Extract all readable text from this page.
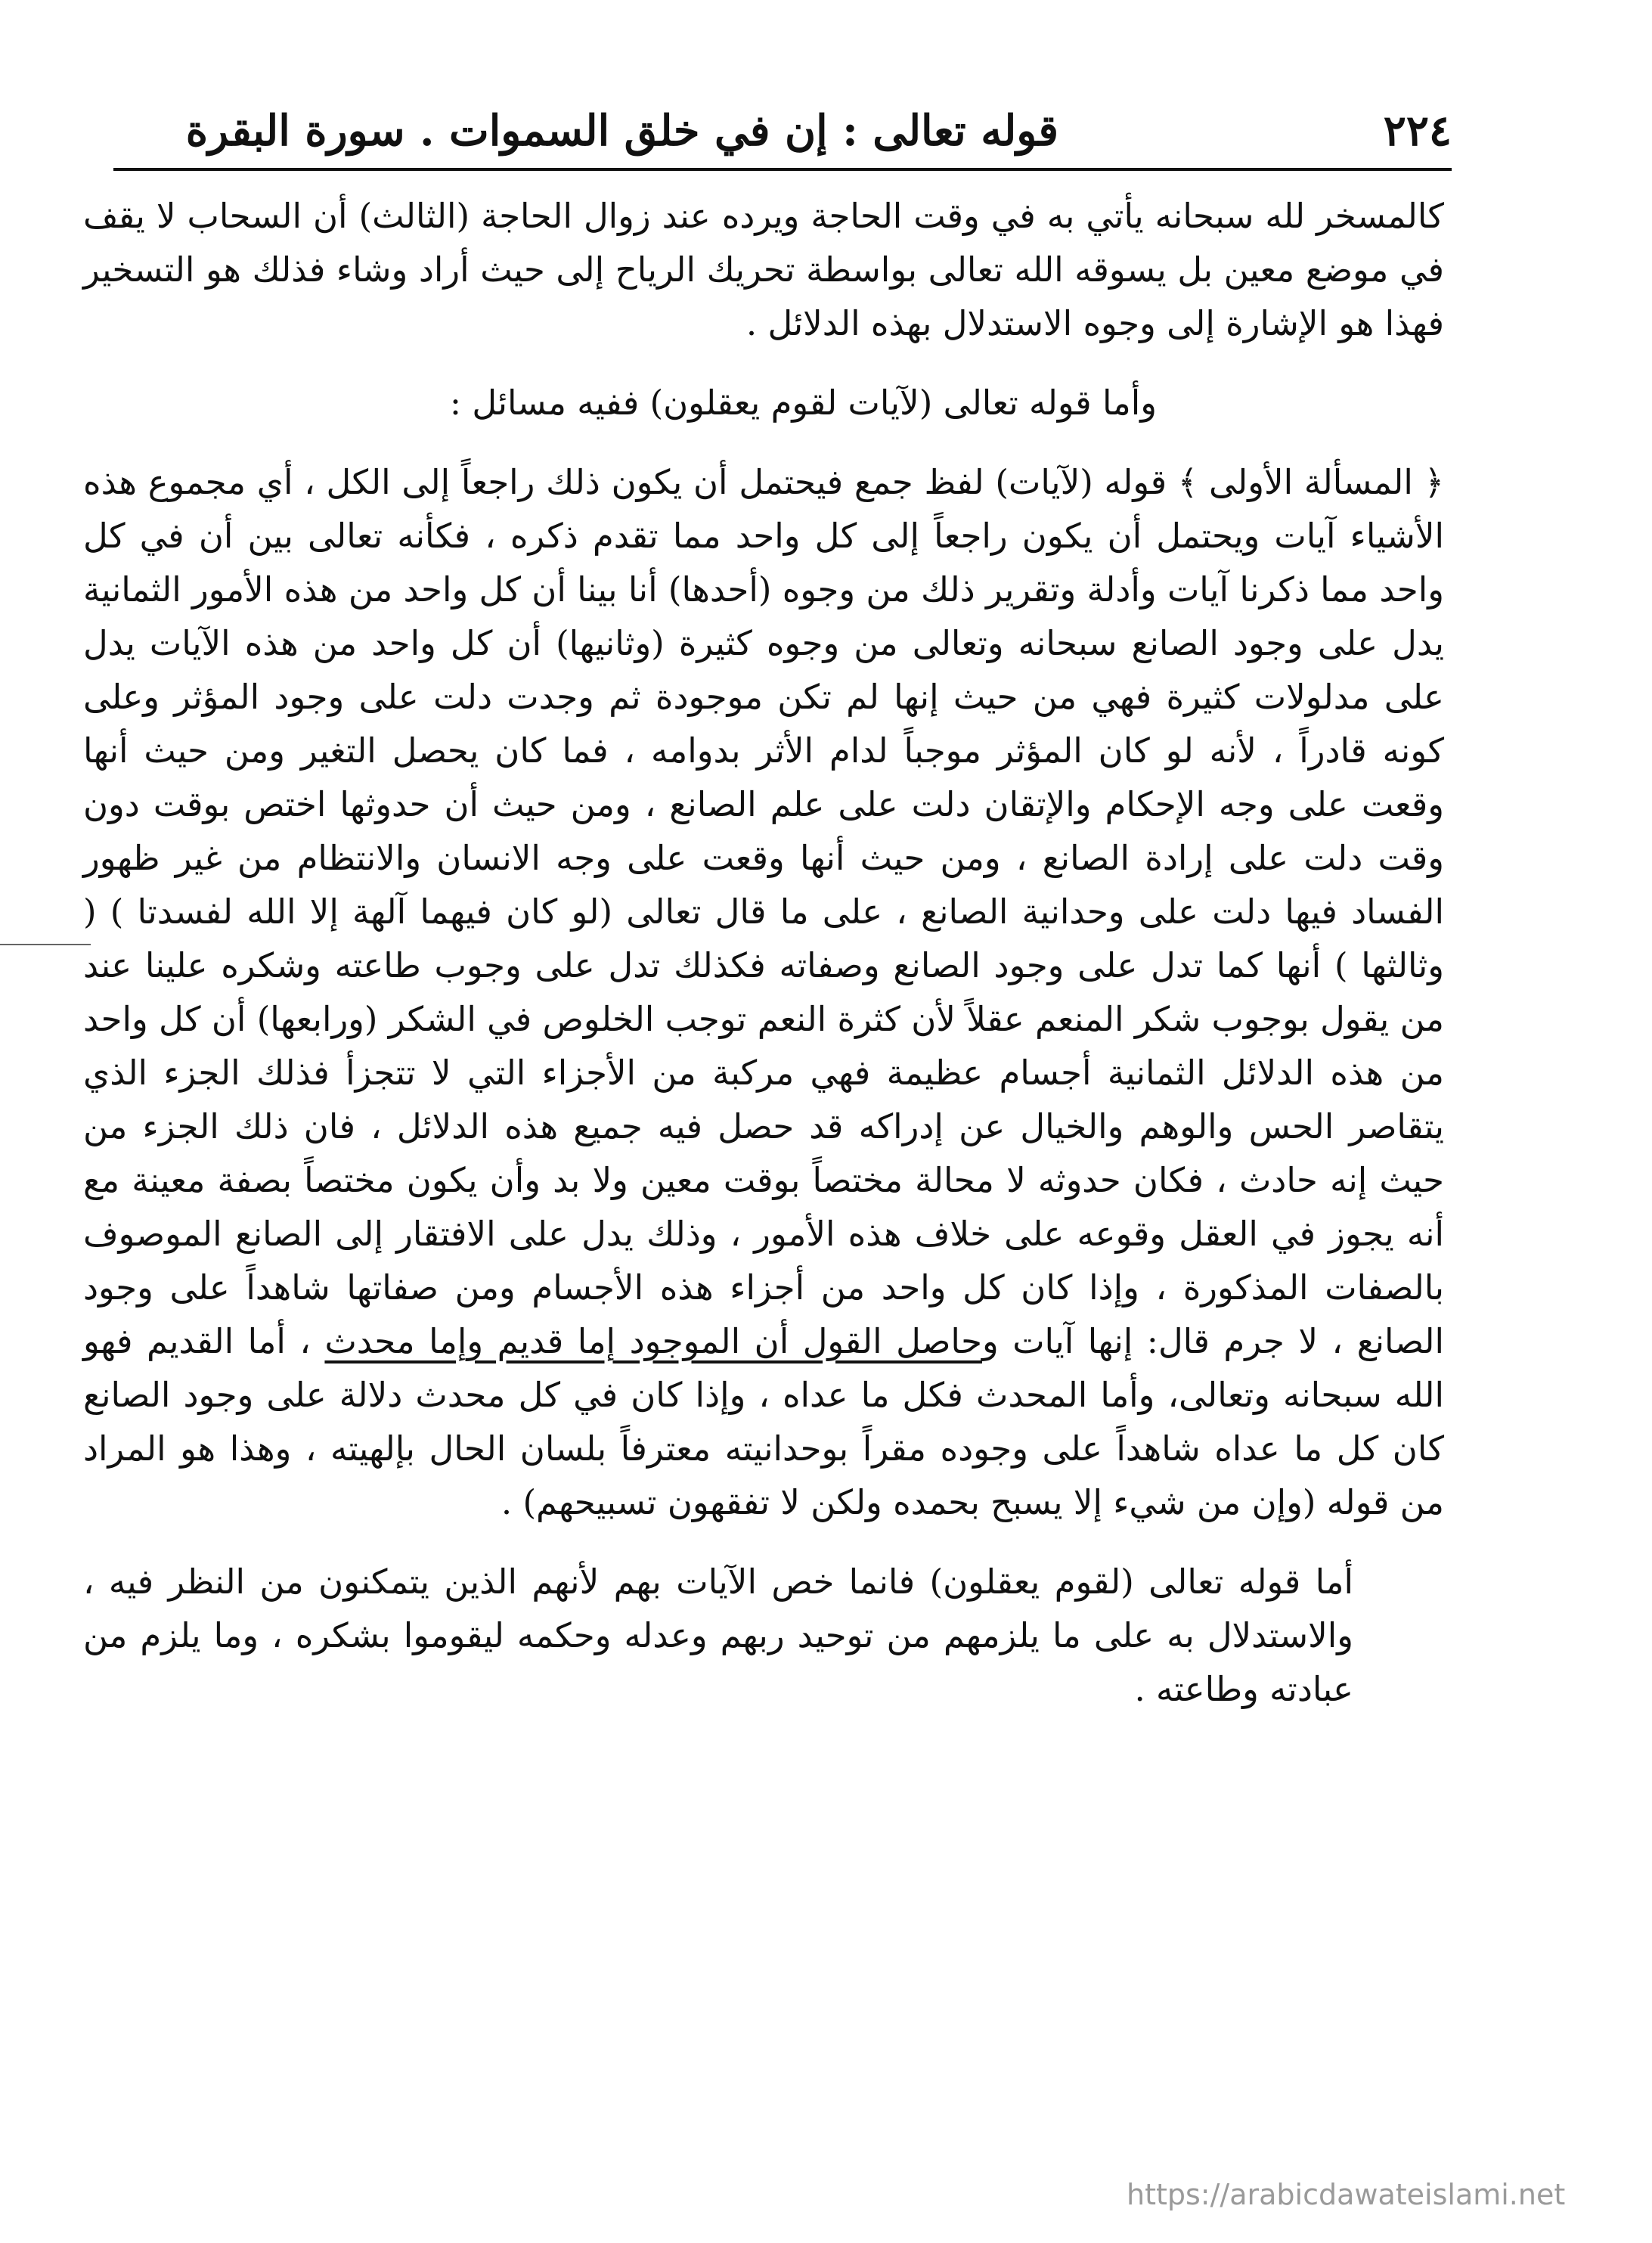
٢٢٤
قوله تعالى : إن في خلق السموات . سورة البقرة

كالمسخر لله سبحانه يأتي به في وقت الحاجة ويرده عند زوال الحاجة (الثالث) أن السحاب لا يقف في موضع معين بل يسوقه الله تعالى بواسطة تحريك الرياح إلى حيث أراد وشاء فذلك هو التسخير فهذا هو الإشارة إلى وجوه الاستدلال بهذه الدلائل .

وأما قوله تعالى (لآيات لقوم يعقلون) ففيه مسائل :

﴿ المسألة الأولى ﴾ قوله (لآيات) لفظ جمع فيحتمل أن يكون ذلك راجعاً إلى الكل ، أي مجموع هذه الأشياء آيات ويحتمل أن يكون راجعاً إلى كل واحد مما تقدم ذكره ، فكأنه تعالى بين أن في كل واحد مما ذكرنا آيات وأدلة وتقرير ذلك من وجوه (أحدها) أنا بينا أن كل واحد من هذه الأمور الثمانية يدل على وجود الصانع سبحانه وتعالى من وجوه كثيرة (وثانيها) أن كل واحد من هذه الآيات يدل على مدلولات كثيرة فهي من حيث إنها لم تكن موجودة ثم وجدت دلت على وجود المؤثر وعلى كونه قادراً ، لأنه لو كان المؤثر موجباً لدام الأثر بدوامه ، فما كان يحصل التغير ومن حيث أنها وقعت على وجه الإحكام والإتقان دلت على علم الصانع ، ومن حيث أن حدوثها اختص بوقت دون وقت دلت على إرادة الصانع ، ومن حيث أنها وقعت على وجه الانسان والانتظام من غير ظهور الفساد فيها دلت على وحدانية الصانع ، على ما قال تعالى (لو كان فيهما آلهة إلا الله لفسدتا ) ( وثالثها ) أنها كما تدل على وجود الصانع وصفاته فكذلك تدل على وجوب طاعته وشكره علينا عند من يقول بوجوب شكر المنعم عقلاً لأن كثرة النعم توجب الخلوص في الشكر (ورابعها) أن كل واحد من هذه الدلائل الثمانية أجسام عظيمة فهي مركبة من الأجزاء التي لا تتجزأ فذلك الجزء الذي يتقاصر الحس والوهم والخيال عن إدراكه قد حصل فيه جميع هذه الدلائل ، فان ذلك الجزء من حيث إنه حادث ، فكان حدوثه لا محالة مختصاً بوقت معين ولا بد وأن يكون مختصاً بصفة معينة مع أنه يجوز في العقل وقوعه على خلاف هذه الأمور ، وذلك يدل على الافتقار إلى الصانع الموصوف بالصفات المذكورة ، وإذا كان كل واحد من أجزاء هذه الأجسام ومن صفاتها شاهداً على وجود الصانع ، لا جرم قال: إنها آيات وحاصل القول أن الموجود إما قديم وإما محدث ، أما القديم فهو الله سبحانه وتعالى، وأما المحدث فكل ما عداه ، وإذا كان في كل محدث دلالة على وجود الصانع كان كل ما عداه شاهداً على وجوده مقراً بوحدانيته معترفاً بلسان الحال بإلهيته ، وهذا هو المراد من قوله (وإن من شيء إلا يسبح بحمده ولكن لا تفقهون تسبيحهم) .

أما قوله تعالى (لقوم يعقلون) فانما خص الآيات بهم لأنهم الذين يتمكنون من النظر فيه ، والاستدلال به على ما يلزمهم من توحيد ربهم وعدله وحكمه ليقوموا بشكره ، وما يلزم من عبادته وطاعته .

https://arabicdawateislami.net
